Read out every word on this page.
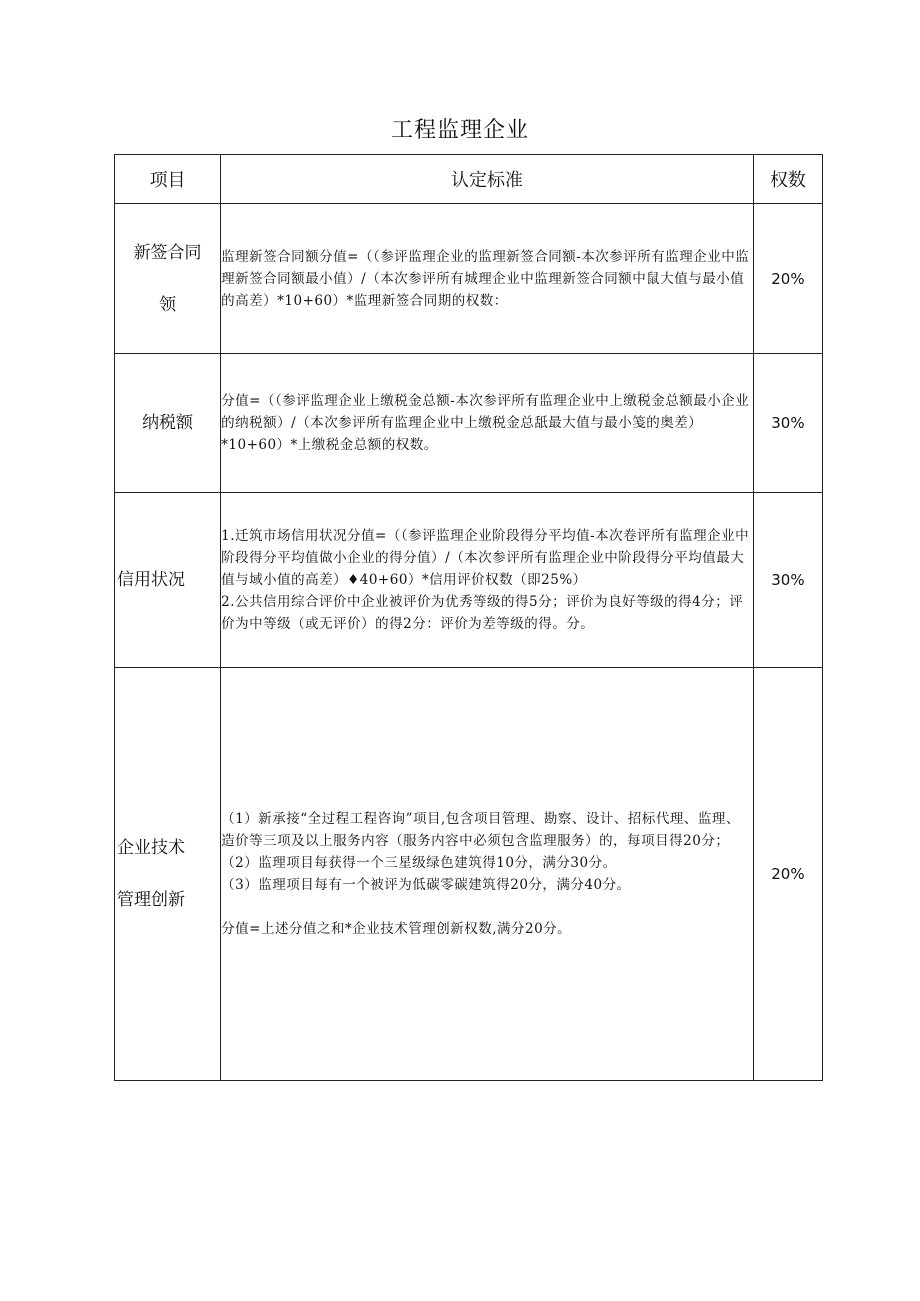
工程监理企业
项目	认定标准	权数

新签合同
领	监理新签合同额分值=（（参评监理企业的监理新签合同额-本次参评所有监理企业中监理新签合同额最小值）/（本次参评所有城理企业中监理新签合同额中鼠大值与最小值的高差）*10+60）*监理新签合同期的权数：	20%

纳税额	分值=（（参评监理企业上缴税金总额-本次参评所有监理企业中上缴税金总额最小企业的纳税额）/（本次参评所有监理企业中上缴税金总舐最大值与最小笺的奥差）*10+60）*上缴税金总额的权数。	30%

信用状况	1.迁筑市场信用状况分值=（（参评监理企业阶段得分平均值-本次卷评所有监理企业中阶段得分平均值做小企业的得分值）/（本次参评所有监理企业中阶段得分平均值最大值与域小值的高差）♦40+60）*信用评价权数（即25%）
2.公共信用综合评价中企业被评价为优秀等级的得5分；评价为良好等级的得4分；评价为中等级（或无评价）的得2分：评价为差等级的得。分。	30%

企业技术
管理创新	（1）新承接“全过程工程咨询”项目,包含项目管理、勘察、设计、招标代理、监理、造价等三项及以上服务内容（服务内容中必须包含监理服务）的，每项目得20分；
（2）监理项目每获得一个三星级绿色建筑得10分，满分30分。
（3）监理项目每有一个被评为低碳零碳建筑得20分，满分40分。
分值=上述分值之和*企业技术管理创新权数,满分20分。	20%
